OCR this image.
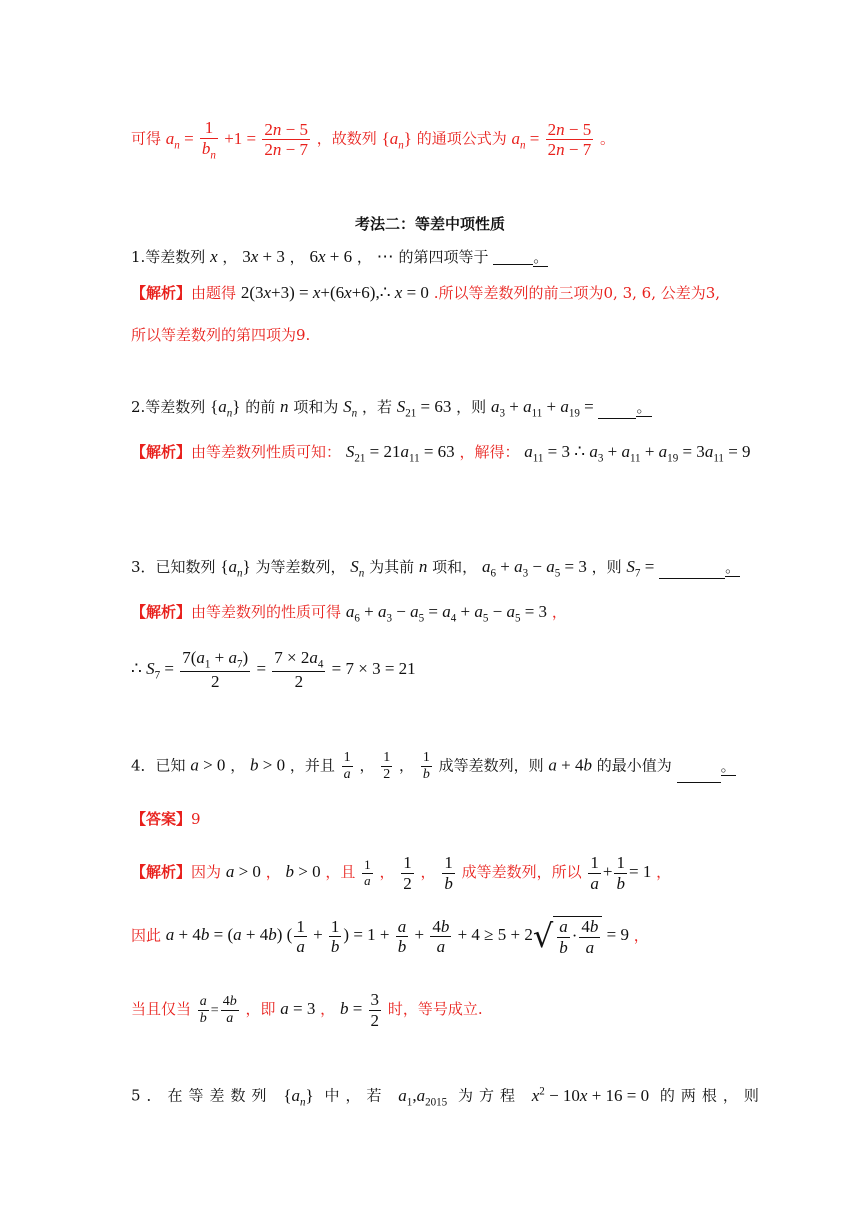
可得 $a_n = \frac{1}{b_n} +1 = \frac{2n - 5}{2n - 7}$ ，故数列 $\{a_n\}$ 的通项公式为 $a_n = \frac{2n - 5}{2n - 7}$ 。
考法二：等差中项性质
1.等差数列 x ， 3x + 3 ， 6x + 6 ， ⋯ 的第四项等于	。
【解析】由题得 2(3x+3) = x+(6x+6),∴ x = 0 .所以等差数列的前三项为0, 3, 6, 公差为3,
所以等差数列的第四项为9.
2.等差数列 $\{a_n\}$ 的前 n 项和为 $S_n$ ，若 $S_{21} = 63$ ，则 $a_3 + a_{11} + a_{19}$ =	。
【解析】由等差数列性质可知： $S_{21} = 21a_{11} = 63$ ，解得： $a_{11} = 3$ ∴ $a_3 + a_{11} + a_{19} = 3a_{11} = 9$
3．已知数列 $\{a_n\}$ 为等差数列， $S_n$ 为其前 n 项和， $a_6 + a_3 - a_5 = 3$ ，则 $S_7$ =	。
【解析】由等差数列的性质可得 $a_6 + a_3 - a_5 = a_4 + a_5 - a_5 = 3$ ，
∴ $S_7 = \frac{7(a_1 + a_7)}{2} = \frac{7 \times 2a_4}{2} = 7 \times 3 = 21$
4．已知 a > 0 ， b > 0 ，并且 $\frac{1}{a}$ ， $\frac{1}{2}$ ， $\frac{1}{b}$ 成等差数列，则 a + 4b 的最小值为	。
【答案】9
【解析】因为 a > 0 ， b > 0 ，且 $\frac{1}{a}$ ， $\frac{1}{2}$ ， $\frac{1}{b}$ 成等差数列，所以 $\frac{1}{a} + \frac{1}{b} = 1$ ，
因此 a + 4b = (a + 4b) ( $\frac{1}{a} + \frac{1}{b}$ ) = $1 + \frac{a}{b} + \frac{4b}{a} + 4 \ge 5 + 2√ \frac{a}{b} \cdot \frac{4b}{a} = 9$ ，
当且仅当 $\frac{a}{b} = \frac{4b}{a}$ ，即 a = 3 ， $b = \frac{3}{2}$ 时，等号成立.
5．在等差数列 $\{a_n\}$ 中，若 $a_1,a_{2015}$ 为方程 $x^2 - 10x + 16 = 0$ 的两根，则
